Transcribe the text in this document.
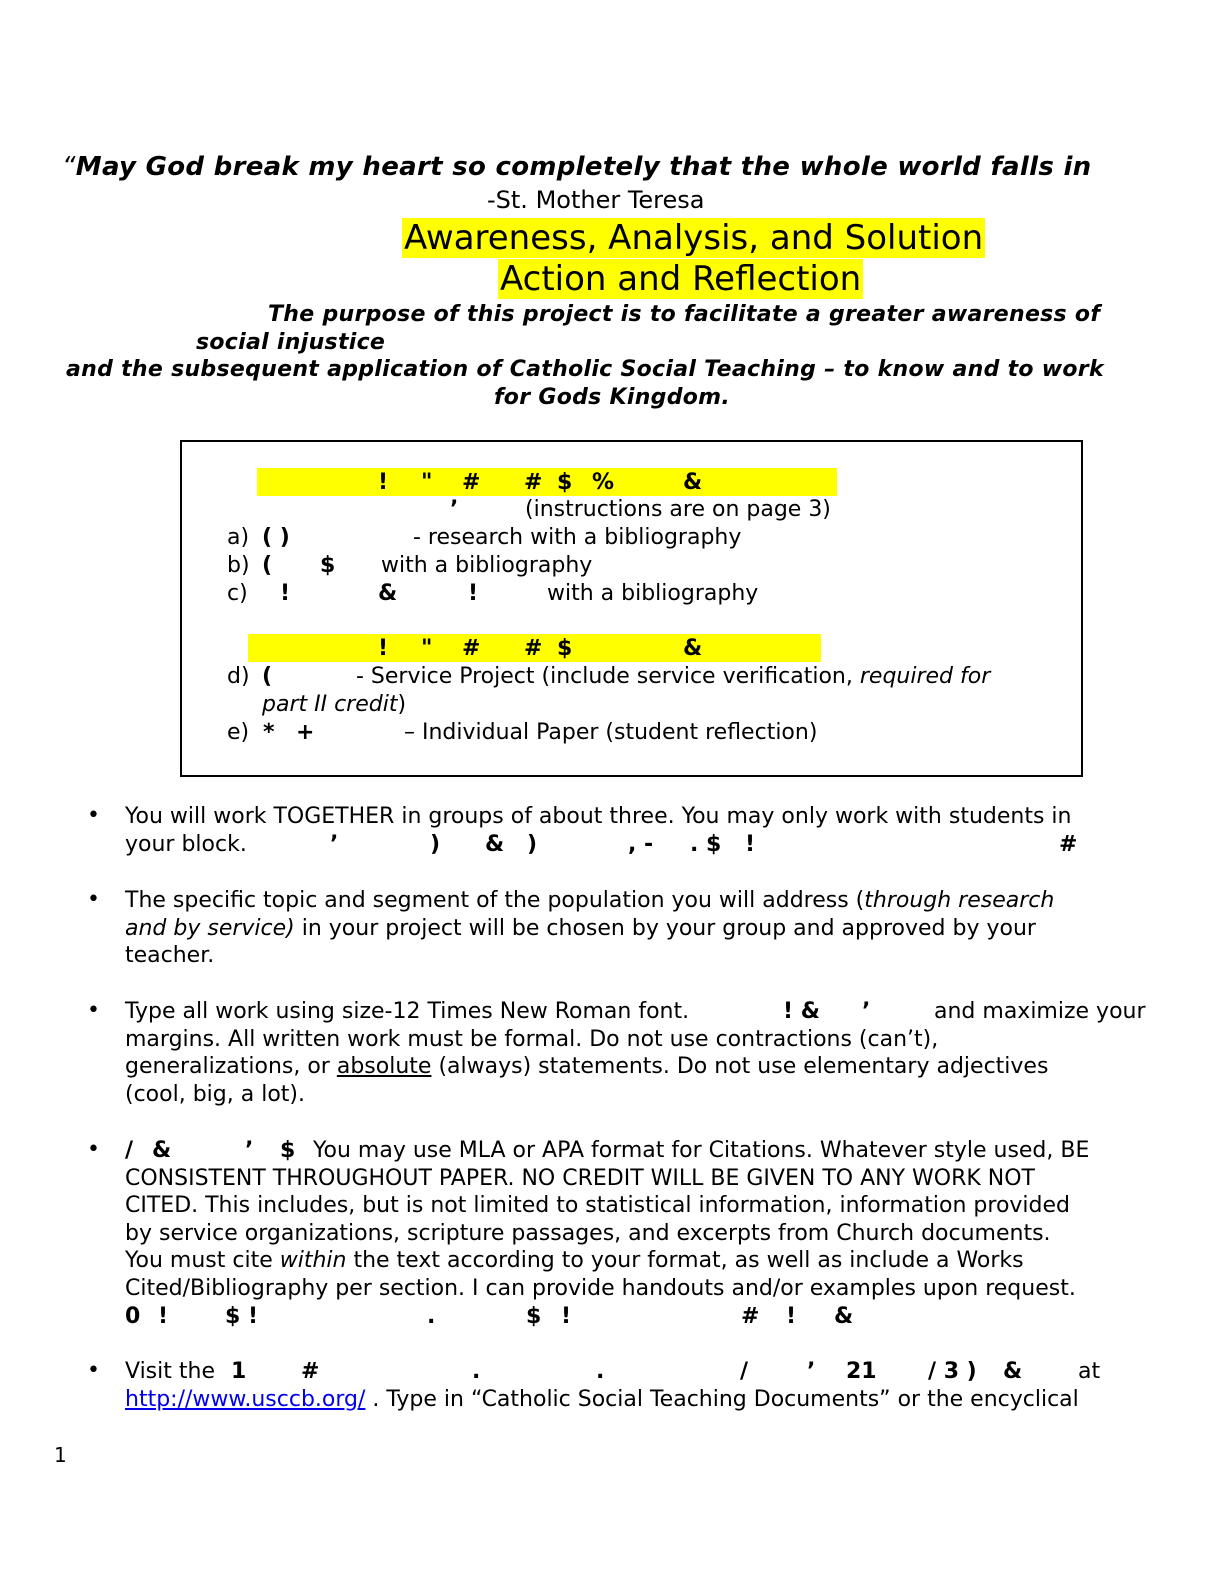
“May God break my heart so completely that the whole world falls in
-St. Mother Teresa
Awareness, Analysis, and Solution
Action and Reflection
The purpose of this project is to facilitate a greater awareness of
social injustice
and the subsequent application of Catholic Social Teaching – to know and to work
for Gods Kingdom.
! " # # $ %	&
’	(instructions are on page 3)
a) ( )	- research with a bibliography
b) ( $ with a bibliography
c) !	&	!	with a bibliography
! " # # $	&
d) (	- Service Project (include service verification, required for
part II credit)
e) * +	– Individual Paper (student reflection)
• You will work TOGETHER in groups of about three. You may only work with students in
your block.	’	) & )	, - . $ !	#
• The specific topic and segment of the population you will address (through research
and by service) in your project will be chosen by your group and approved by your
teacher.
• Type all work using size-12 Times New Roman font.	! & ’	and maximize your
margins. All written work must be formal. Do not use contractions (can’t),
generalizations, or absolute (always) statements. Do not use elementary adjectives
(cool, big, a lot).
• / &	’ $ You may use MLA or APA format for Citations. Whatever style used, BE
CONSISTENT THROUGHOUT PAPER. NO CREDIT WILL BE GIVEN TO ANY WORK NOT
CITED. This includes, but is not limited to statistical information, information provided
by service organizations, scripture passages, and excerpts from Church documents.
You must cite within the text according to your format, as well as include a Works
Cited/Bibliography per section. I can provide handouts and/or examples upon request.
0 !	$ !	.	$ !	# ! &
• Visit the 1 #	.	.	/	’ 21 / 3 ) &	at
http://www.usccb.org/ . Type in “Catholic Social Teaching Documents” or the encyclical
1
